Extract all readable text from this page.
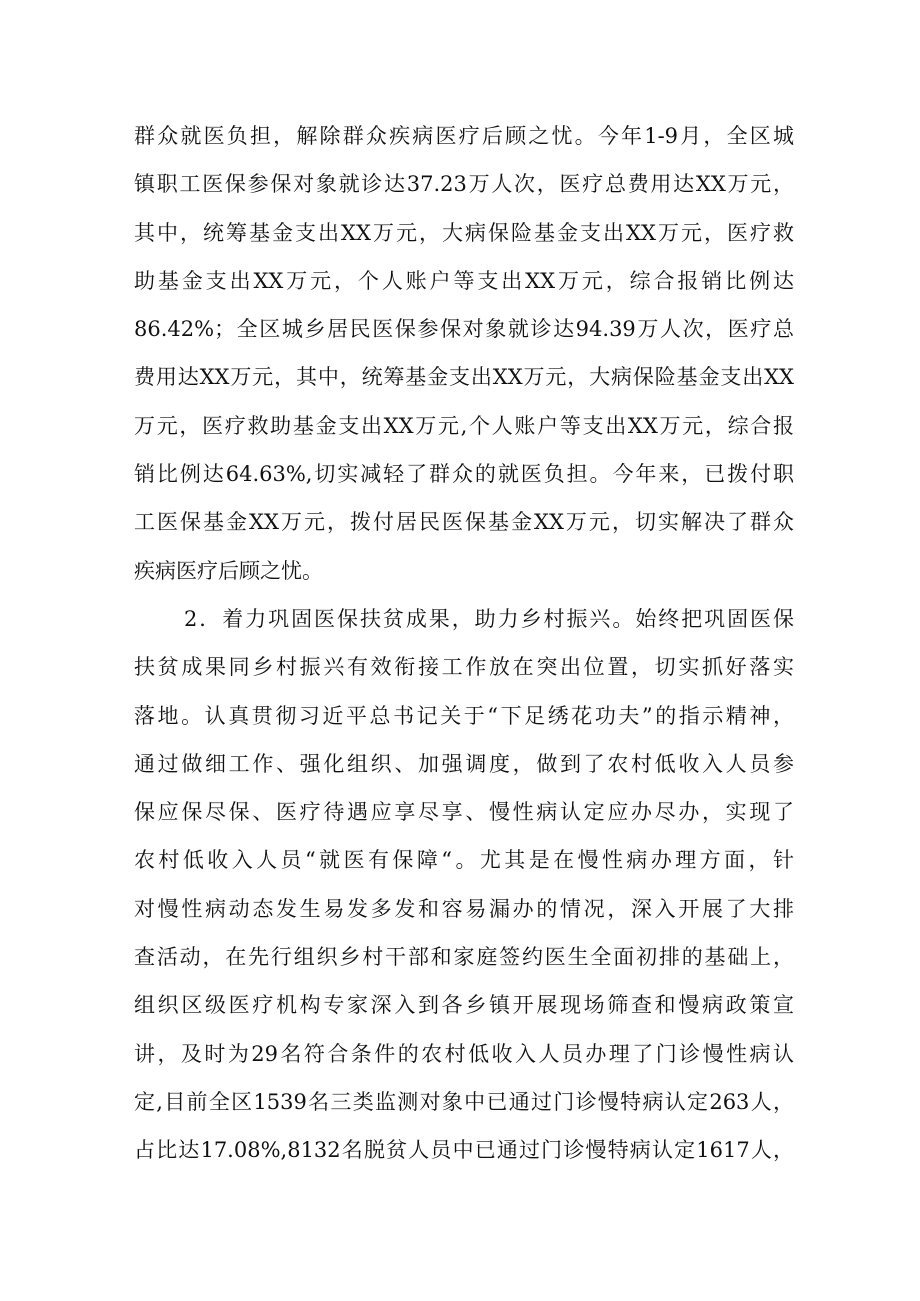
群众就医负担，解除群众疾病医疗后顾之忧。今年1-9月，全区城
镇职工医保参保对象就诊达37.23万人次，医疗总费用达XX万元，
其中，统筹基金支出XX万元，大病保险基金支出XX万元，医疗救
助基金支出XX万元，个人账户等支出XX万元，综合报销比例达
86.42%；全区城乡居民医保参保对象就诊达94.39万人次，医疗总
费用达XX万元，其中，统筹基金支出XX万元，大病保险基金支出XX
万元，医疗救助基金支出XX万元,个人账户等支出XX万元，综合报
销比例达64.63%,切实减轻了群众的就医负担。今年来，已拨付职
工医保基金XX万元，拨付居民医保基金XX万元，切实解决了群众
疾病医疗后顾之忧。
2．着力巩固医保扶贫成果，助力乡村振兴。始终把巩固医保
扶贫成果同乡村振兴有效衔接工作放在突出位置，切实抓好落实
落地。认真贯彻习近平总书记关于“下足绣花功夫”的指示精神，
通过做细工作、强化组织、加强调度，做到了农村低收入人员参
保应保尽保、医疗待遇应享尽享、慢性病认定应办尽办，实现了
农村低收入人员“就医有保障“。尤其是在慢性病办理方面，针
对慢性病动态发生易发多发和容易漏办的情况，深入开展了大排
查活动，在先行组织乡村干部和家庭签约医生全面初排的基础上，
组织区级医疗机构专家深入到各乡镇开展现场筛查和慢病政策宣
讲，及时为29名符合条件的农村低收入人员办理了门诊慢性病认
定,目前全区1539名三类监测对象中已通过门诊慢特病认定263人，
占比达17.08%,8132名脱贫人员中已通过门诊慢特病认定1617人，
